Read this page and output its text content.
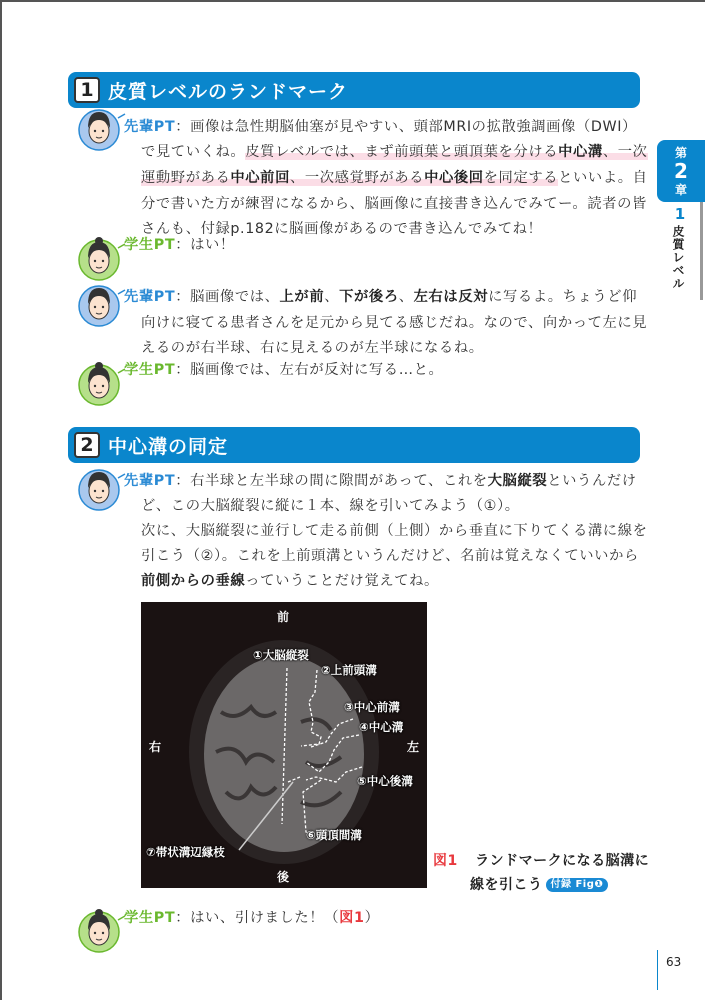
1 皮質レベルのランドマーク
2 中心溝の同定
先輩PT：画像は急性期脳伷塞が見やすい、頭部MRIの拡散強調画像（DWI）
で見ていくね。皮質レベルでは、まず前頭葉と頭頂葉を分ける中心溝、一次
運動野がある中心前回、一次感覚野がある中心後回を同定するといいよ。自
分で書いた方が練習になるから、脳画像に直接書き込んでみてー。読者の皆
さんも、付録p.182に脳画像があるので書き込んでみてね！
学生PT：はい！
先輩PT：脳画像では、上が前、下が後ろ、左右は反対に写るよ。ちょうど仰
向けに寝てる患者さんを足元から見てる感じだね。なので、向かって左に見
えるのが右半球、右に見えるのが左半球になるね。
学生PT：脳画像では、左右が反対に写る…と。
先輩PT：右半球と左半球の間に隙間があって、これを大脳縦裂というんだけ
ど、この大脳縦裂に縦に１本、線を引いてみよう（①）。
次に、大脳縦裂に並行して走る前側（上側）から垂直に下りてくる溝に線を
引こう（②）。これを上前頭溝というんだけど、名前は覚えなくていいから
前側からの垂線っていうことだけ覚えてね。
学生PT：はい、引けました！（図1）
前
後
右	左
①大脳縦裂
②上前頭溝
③中心前溝
④中心溝
⑤中心後溝
⑥頭頂間溝
⑦帯状溝辺縁枝
図1 ランドマークになる脳溝に
線を引こう 付録 Fig❶
第
2
章
1
皮質レベル
63
